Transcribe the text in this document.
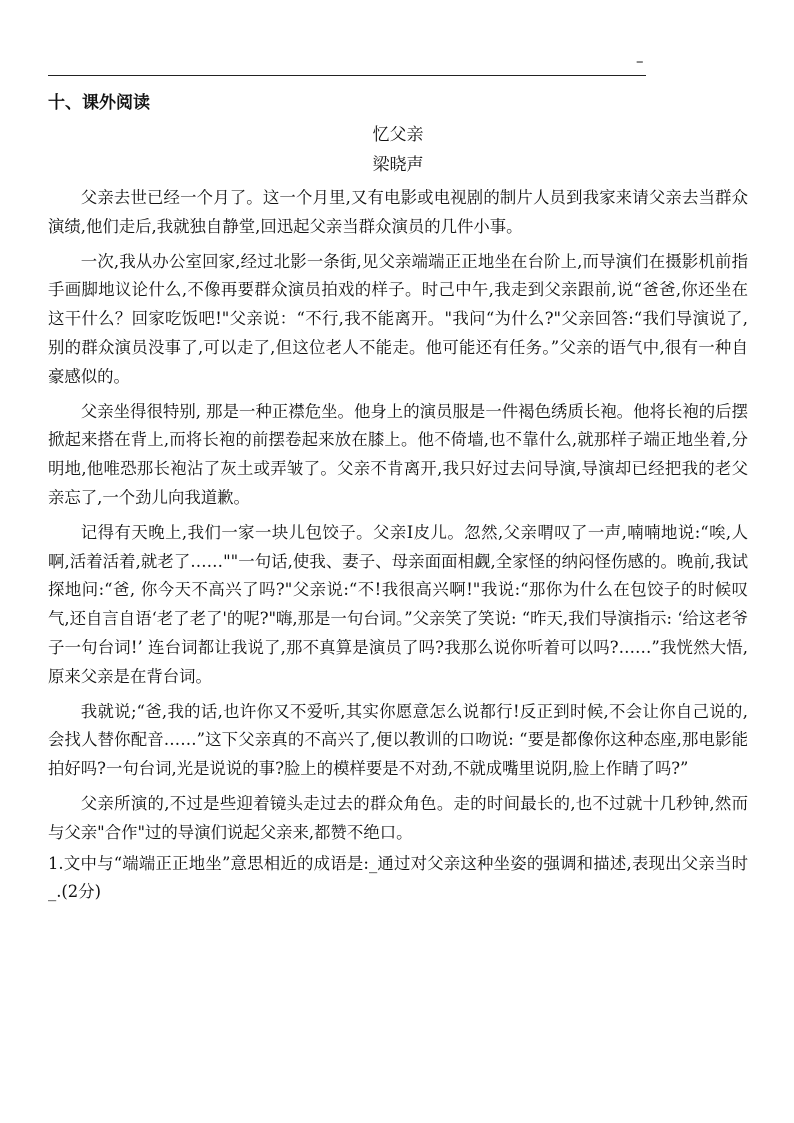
–
十、课外阅读
忆父亲
梁晓声

父亲去世已经一个月了。这一个月里,又有电影或电视剧的制片人员到我家来请父亲去当群众演绩,他们走后,我就独自静堂,回迅起父亲当群众演员的几件小事。

一次,我从办公室回家,经过北影一条街,见父亲端端正正地坐在台阶上,而导演们在摄影机前指手画脚地议论什么,不像再要群众演员拍戏的样子。时己中午,我走到父亲跟前,说“爸爸,你还坐在这干什么？回家吃饭吧!"父亲说：“不行,我不能离开。"我问“为什么?"父亲回答:“我们导演说了,别的群众演员没事了,可以走了,但这位老人不能走。他可能还有任务。”父亲的语气中,很有一种自豪感似的。

父亲坐得很特别, 那是一种正襟危坐。他身上的演员服是一件褐色绣质长袍。他将长袍的后摆掀起来搭在背上,而将长袍的前摆卷起来放在膝上。他不倚墙,也不靠什么,就那样子端正地坐着,分明地,他唯恐那长袍沾了灰土或弄皱了。父亲不肯离开,我只好过去问导演,导演却已经把我的老父亲忘了,一个劲儿向我道歉。

记得有天晚上,我们一家一块儿包饺子。父亲I皮儿。忽然,父亲喟叹了一声,喃喃地说:“唉,人啊,活着活着,就老了……""一句话,使我、妻子、母亲面面相觑,全家怪的纳闷怪伤感的。晚前,我试探地问:“爸, 你今天不高兴了吗?"父亲说:“不!我很高兴啊!"我说:“那你为什么在包饺子的时候叹气,还自言自语‘老了老了'的呢?"嗨,那是一句台词。”父亲笑了笑说: “昨天,我们导演指示: ‘给这老爷子一句台词!’ 连台词都让我说了,那不真算是演员了吗?我那么说你听着可以吗?……”我恍然大悟,原来父亲是在背台词。

我就说;“爸,我的话,也许你又不爱听,其实你愿意怎么说都行!反正到时候,不会让你自己说的,会找人替你配音……”这下父亲真的不高兴了,便以教训的口吻说: “要是都像你这种态座,那电影能拍好吗?一句台词,光是说说的事?脸上的模样要是不对劲,不就成嘴里说阴,脸上作睛了吗?”

父亲所演的,不过是些迎着镜头走过去的群众角色。走的时间最长的,也不过就十几秒钟,然而与父亲"合作"过的导演们说起父亲来,都赞不绝口。

1.文中与“端端正正地坐”意思相近的成语是:_通过对父亲这种坐姿的强调和描述,表现出父亲当时_.(2分)
